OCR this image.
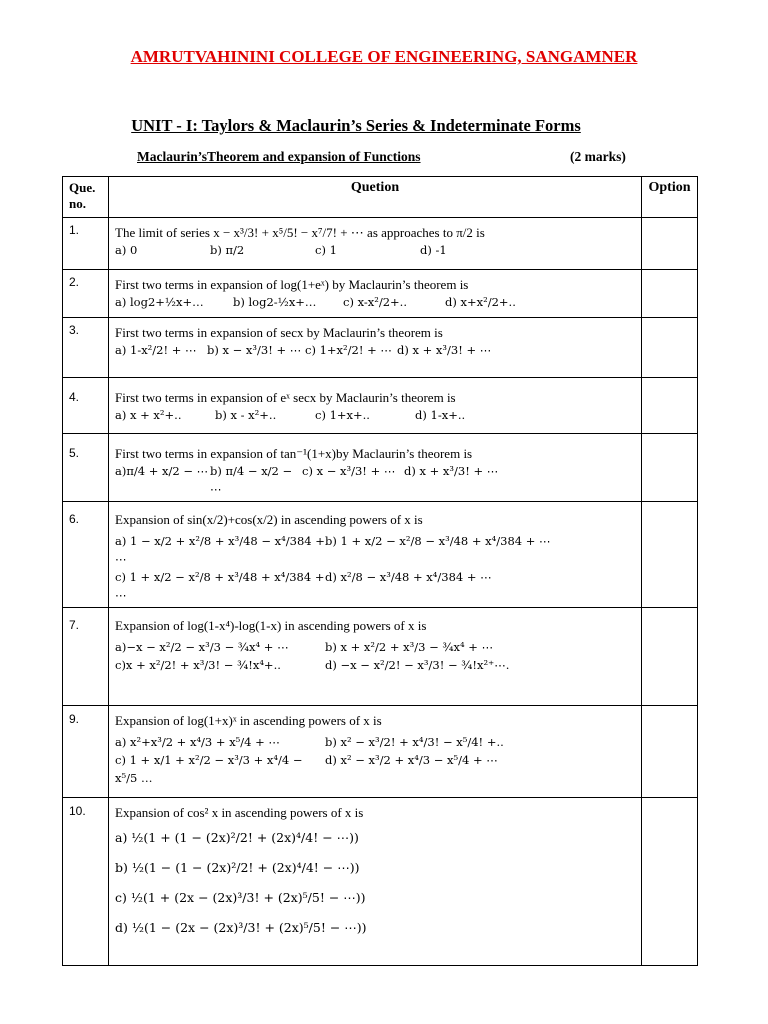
AMRUTVAHININI COLLEGE OF ENGINEERING, SANGAMNER
UNIT - I: Taylors & Maclaurin’s Series & Indeterminate Forms
Maclaurin’sTheorem and expansion of Functions	(2 marks)
Que. no.	Quetion	Option
1.	The limit of series x − x³/3! + x⁵/5! − x⁷/7! + ⋯ as approaches to π/2 is
a) 0 b) π/2 c) 1 d) -1	

2.	First two terms in expansion of log(1+eˣ) by Maclaurin’s theorem is
a) log2+½x+… b) log2-½x+… c) x-x²/2+.. d) x+x²/2+..	

3.	First two terms in expansion of secx by Maclaurin’s theorem is
a) 1-x²/2! + ⋯ b) x − x³/3! + ⋯ c) 1+x²/2! + ⋯ d) x + x³/3! + ⋯	

4.	First two terms in expansion of eˣ secx by Maclaurin’s theorem is
a) x + x²+.. b) x - x²+.. c) 1+x+.. d) 1-x+..	

5.	First two terms in expansion of tan⁻¹(1+x)by Maclaurin’s theorem is
a)π/4 + x/2 − ⋯ b) π/4 − x/2 − ⋯
c) x − x³/3! + ⋯ d) x + x³/3! + ⋯	

6.	Expansion of sin(x/2)+cos(x/2) in ascending powers of x is
a) 1 − x/2 + x²/8 + x³/48 − x⁴/384 + ⋯
b) 1 + x/2 − x²/8 − x³/48 + x⁴/384 + ⋯
c) 1 + x/2 − x²/8 + x³/48 + x⁴/384 + ⋯
d) x²/8 − x³/48 + x⁴/384 + ⋯	

7.	Expansion of log(1-x⁴)-log(1-x) in ascending powers of x is
a)−x − x²/2 − x³/3 − ¾x⁴ + ⋯ b) x + x²/2 + x³/3 − ¾x⁴ + ⋯
c)x + x²/2! + x³/3! − ¾!x⁴+.. d) −x − x²/2! − x³/3! − ¾!x²⁺⋯.	

9.	Expansion of log(1+x)ˣ in ascending powers of x is
a) x²+x³/2 + x⁴/3 + x⁵/4 + ⋯ b) x² − x³/2! + x⁴/3! − x⁵/4! +..
c) 1 + x/1 + x²/2 − x³/3 + x⁴/4 − x⁵/5 …
d) x² − x³/2 + x⁴/3 − x⁵/4 + ⋯	

10.	Expansion of cos² x in ascending powers of x is
a) ½(1 + (1 − (2x)²/2! + (2x)⁴/4! − ⋯))
b) ½(1 − (1 − (2x)²/2! + (2x)⁴/4! − ⋯))
c) ½(1 + (2x − (2x)³/3! + (2x)⁵/5! − ⋯))
d) ½(1 − (2x − (2x)³/3! + (2x)⁵/5! − ⋯))	
